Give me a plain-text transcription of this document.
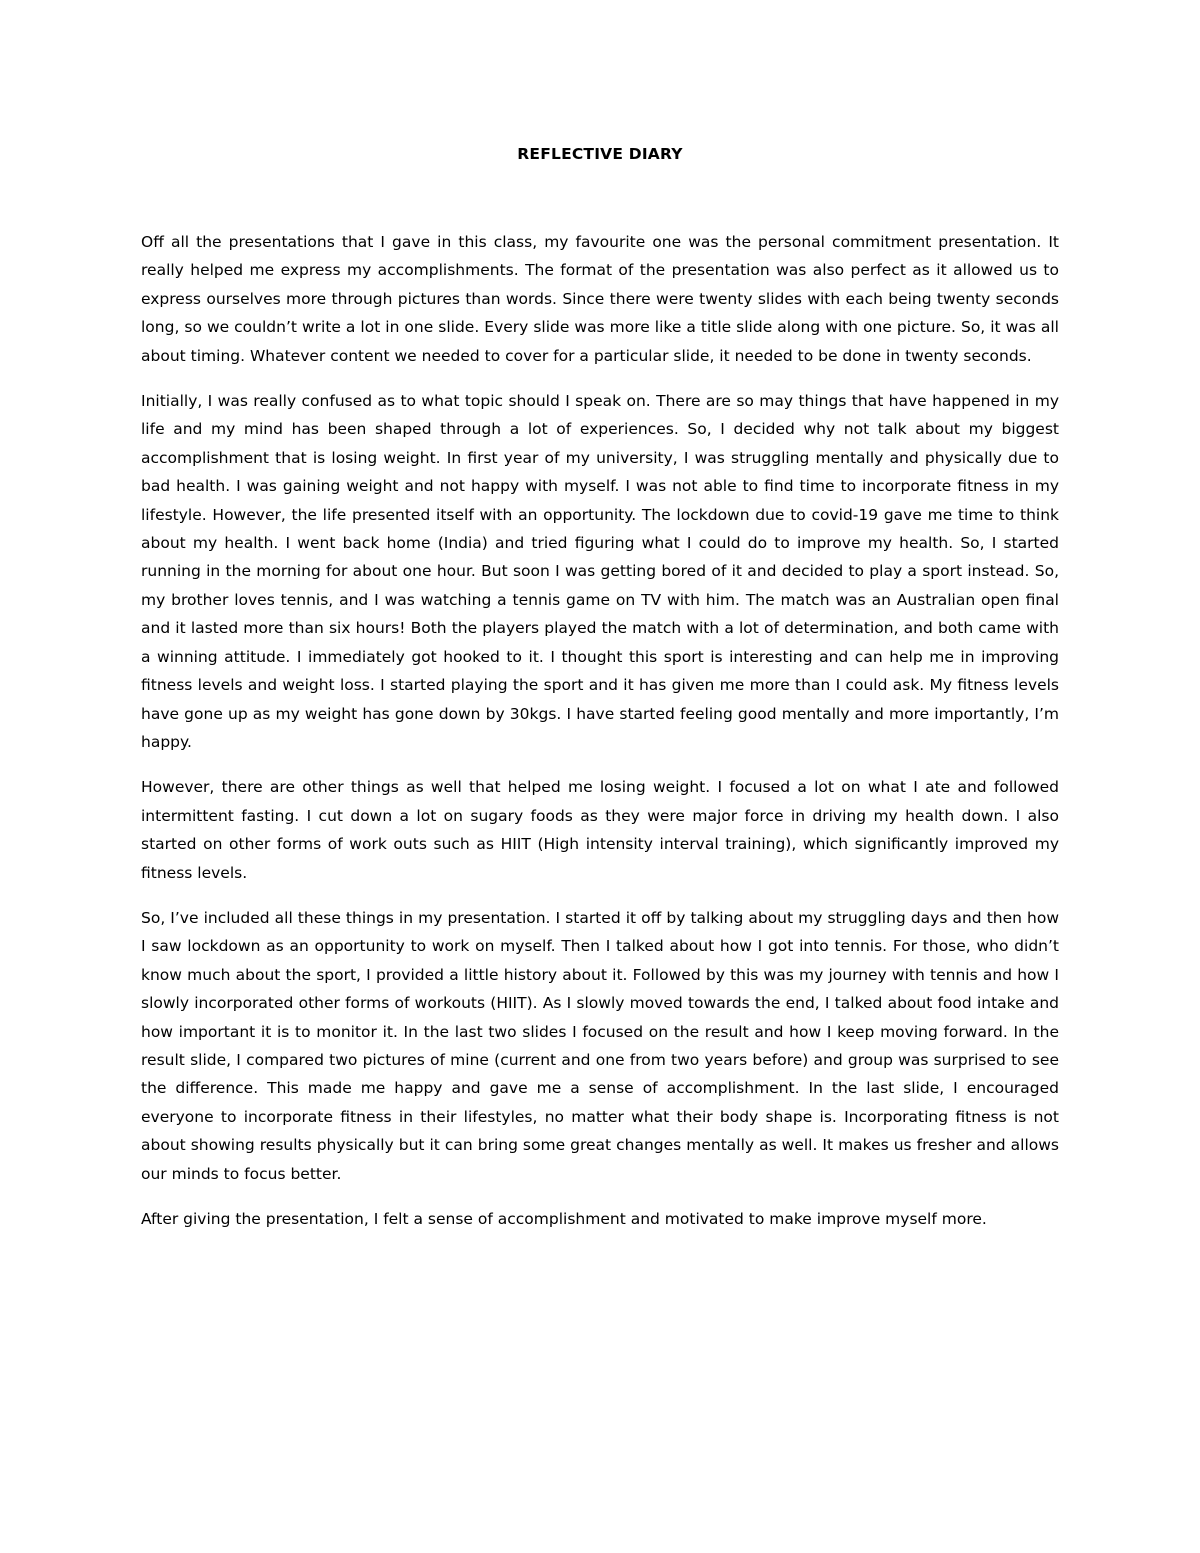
REFLECTIVE DIARY

Off all the presentations that I gave in this class, my favourite one was the personal commitment presentation. It really helped me express my accomplishments. The format of the presentation was also perfect as it allowed us to express ourselves more through pictures than words. Since there were twenty slides with each being twenty seconds long, so we couldn’t write a lot in one slide. Every slide was more like a title slide along with one picture. So, it was all about timing. Whatever content we needed to cover for a particular slide, it needed to be done in twenty seconds.

Initially, I was really confused as to what topic should I speak on. There are so may things that have happened in my life and my mind has been shaped through a lot of experiences. So, I decided why not talk about my biggest accomplishment that is losing weight. In first year of my university, I was struggling mentally and physically due to bad health. I was gaining weight and not happy with myself. I was not able to find time to incorporate fitness in my lifestyle. However, the life presented itself with an opportunity. The lockdown due to covid-19 gave me time to think about my health. I went back home (India) and tried figuring what I could do to improve my health. So, I started running in the morning for about one hour. But soon I was getting bored of it and decided to play a sport instead. So, my brother loves tennis, and I was watching a tennis game on TV with him. The match was an Australian open final and it lasted more than six hours! Both the players played the match with a lot of determination, and both came with a winning attitude. I immediately got hooked to it. I thought this sport is interesting and can help me in improving fitness levels and weight loss. I started playing the sport and it has given me more than I could ask. My fitness levels have gone up as my weight has gone down by 30kgs. I have started feeling good mentally and more importantly, I’m happy.

However, there are other things as well that helped me losing weight. I focused a lot on what I ate and followed intermittent fasting. I cut down a lot on sugary foods as they were major force in driving my health down. I also started on other forms of work outs such as HIIT (High intensity interval training), which significantly improved my fitness levels.

So, I’ve included all these things in my presentation. I started it off by talking about my struggling days and then how I saw lockdown as an opportunity to work on myself. Then I talked about how I got into tennis. For those, who didn’t know much about the sport, I provided a little history about it. Followed by this was my journey with tennis and how I slowly incorporated other forms of workouts (HIIT). As I slowly moved towards the end, I talked about food intake and how important it is to monitor it. In the last two slides I focused on the result and how I keep moving forward. In the result slide, I compared two pictures of mine (current and one from two years before) and group was surprised to see the difference. This made me happy and gave me a sense of accomplishment. In the last slide, I encouraged everyone to incorporate fitness in their lifestyles, no matter what their body shape is. Incorporating fitness is not about showing results physically but it can bring some great changes mentally as well. It makes us fresher and allows our minds to focus better.

After giving the presentation, I felt a sense of accomplishment and motivated to make improve myself more.
